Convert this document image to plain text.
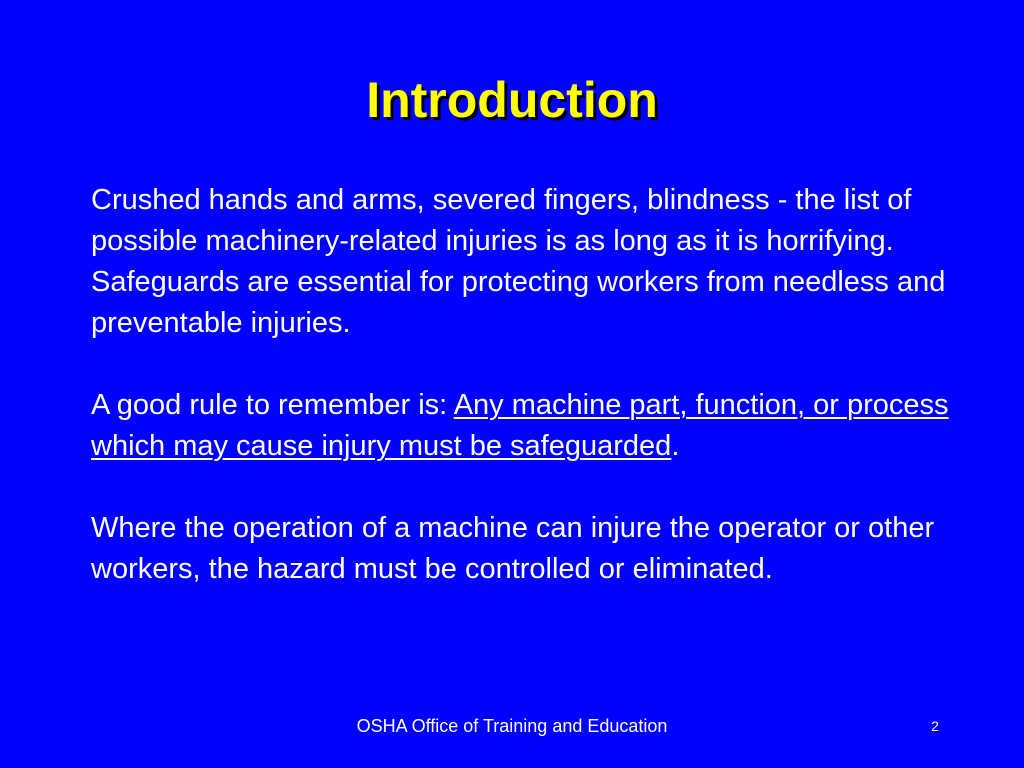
Introduction

Crushed hands and arms, severed fingers, blindness - the list of possible machinery-related injuries is as long as it is horrifying. Safeguards are essential for protecting workers from needless and preventable injuries.

A good rule to remember is: Any machine part, function, or process which may cause injury must be safeguarded.

Where the operation of a machine can injure the operator or other workers, the hazard must be controlled or eliminated.

OSHA Office of Training and Education	2
